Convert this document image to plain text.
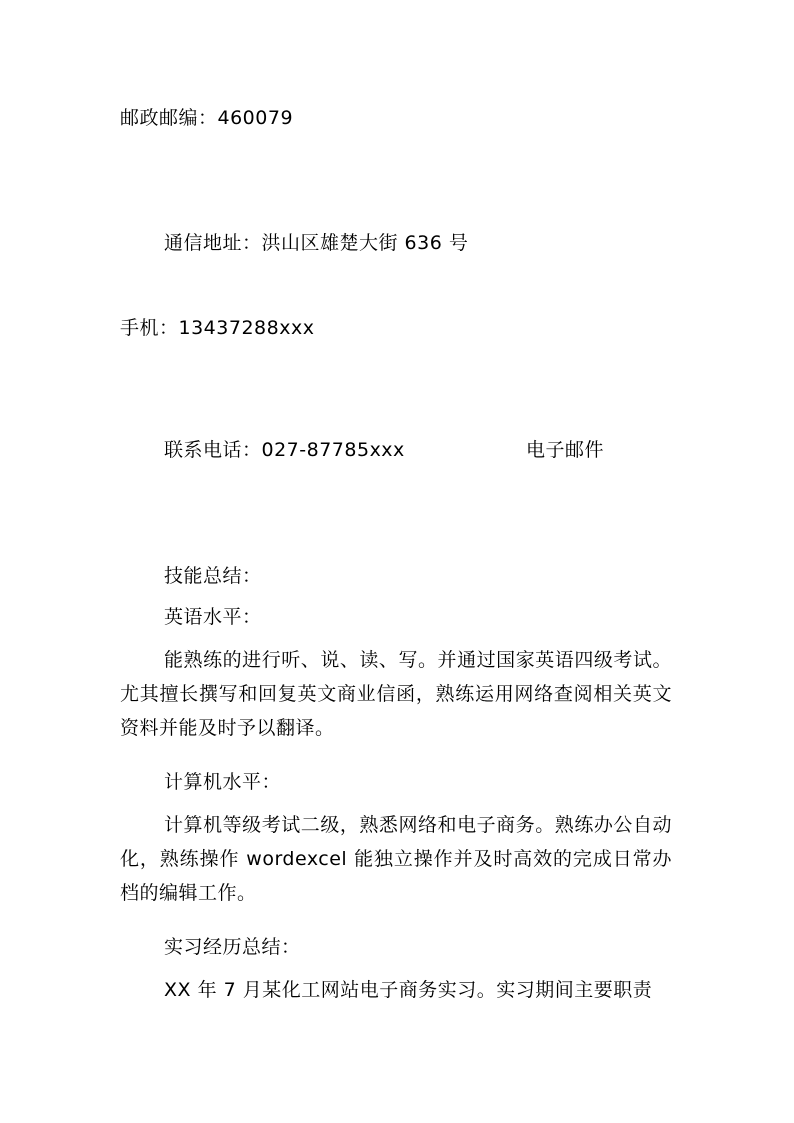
邮政邮编：460079
通信地址：洪山区雄楚大街 636 号
手机：13437288xxx
联系电话：027-87785xxx	电子邮件
技能总结：
英语水平：
能熟练的进行听、说、读、写。并通过国家英语四级考试。尤其擅长撰写和回复英文商业信函，熟练运用网络查阅相关英文资料并能及时予以翻译。
计算机水平：
计算机等级考试二级，熟悉网络和电子商务。熟练办公自动化，熟练操作 wordexcel 能独立操作并及时高效的完成日常办档的编辑工作。
实习经历总结：
XX 年 7 月某化工网站电子商务实习。实习期间主要职责
